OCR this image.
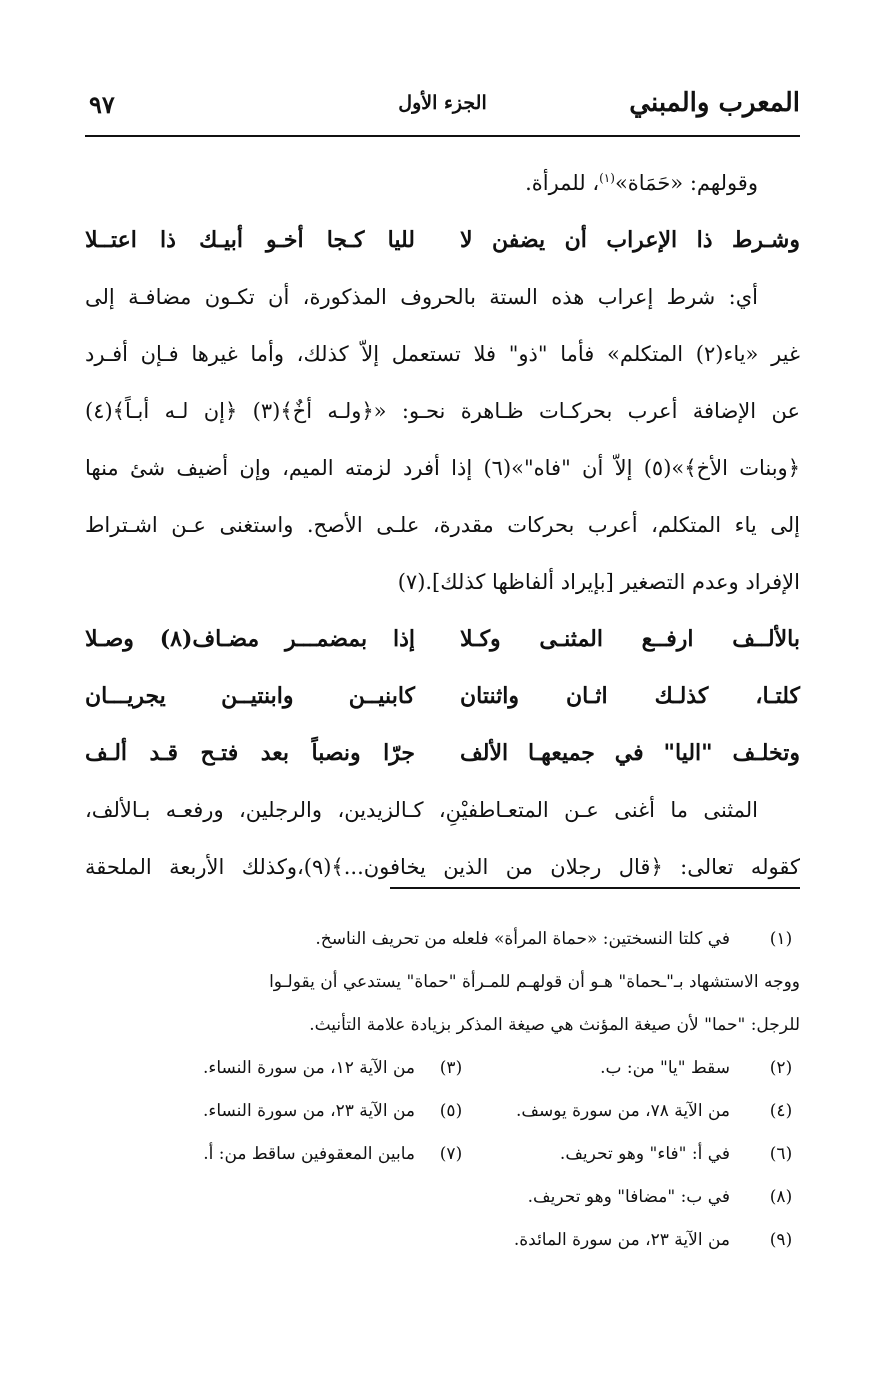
المعرب والمبني
الجزء الأول
٩٧
وقولهم: «حَمَاة»$^{(١)}$، للمرأة.
وشـرط ذا الإعراب أن يضفن لا
لليا كـجا أخـو أبيـك ذا اعتــلا
أي: شرط إعراب هذه الستة بالحروف المذكورة، أن تكـون مضافـة إلى
غير «ياء(٢) المتكلم» فأما "ذو" فلا تستعمل إلاّ كذلك، وأما غيرها فـإن أفـرد
عن الإضافة أعرب بحركـات ظـاهرة نحـو: «﴿ولـه أخٌ﴾(٣) ﴿إن لـه أبـاً﴾(٤)
﴿وبنات الأخ﴾»(٥) إلاّ أن "فاه"»(٦) إذا أفرد لزمته الميم، وإن أضيف شئ منها
إلى ياء المتكلم، أعرب بحركات مقدرة، علـى الأصح. واستغنى عـن اشـتراط
الإفراد وعدم التصغير [بإيراد ألفاظها كذلك].(٧)
بالألــف ارفــع المثنـى وكـلا
إذا بمضمـــر مضـاف(٨) وصـلا
كلتـا، كذلـك اثـان واثنتان
كابنيــن وابنتيــن يجريـــان
وتخلـف "اليا" في جميعهـا الألف
جرّا ونصباً بعد فتـح قـد ألـف
المثنى ما أغنى عـن المتعـاطفيْنِ، كـالزيدين، والرجلين، ورفعـه بـالألف،
كقوله تعالى: ﴿قال رجلان من الذين يخافون...﴾(٩)،وكذلك الأربعة الملحقة
(١)
في كلتا النسختين: «حماة المرأة» فلعله من تحريف الناسخ.
ووجه الاستشهاد بـ"ـحماة" هـو أن قولهـم للمـرأة "حماة" يستدعي أن يقولـوا
للرجل: "حما" لأن صيغة المؤنث هي صيغة المذكر بزيادة علامة التأنيث.
(٢)
سقط "يا" من: ب.
(٣)
من الآية ١٢، من سورة النساء.
(٤)
من الآية ٧٨، من سورة يوسف.
(٥)
من الآية ٢٣، من سورة النساء.
(٦)
في أ: "فاء" وهو تحريف.
(٧)
مابين المعقوفين ساقط من: أ.
(٨)
في ب: "مضافا" وهو تحريف.
(٩)
من الآية ٢٣، من سورة المائدة.
